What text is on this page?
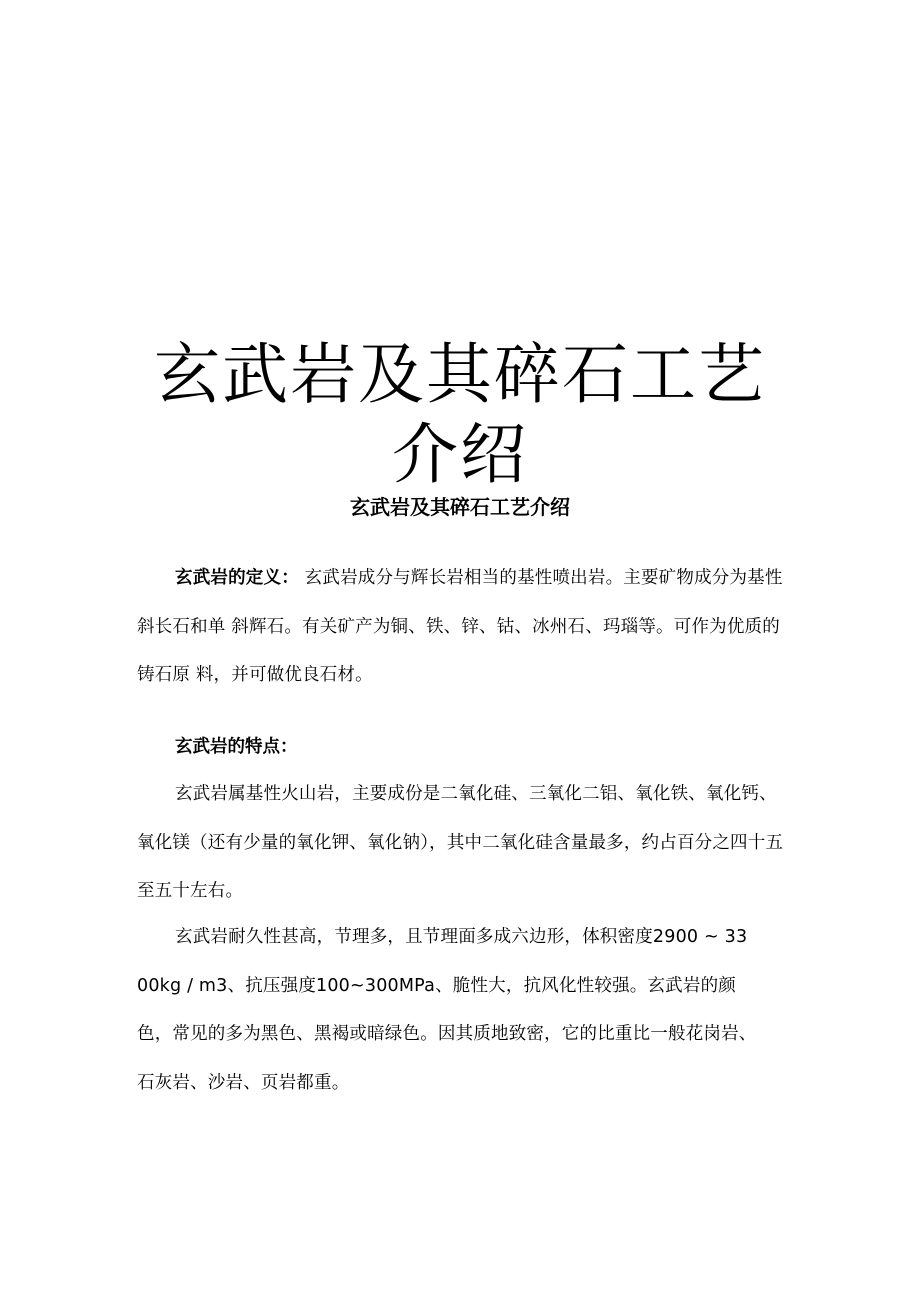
玄武岩及其碎石工艺介绍
玄武岩及其碎石工艺介绍
玄武岩的定义： 玄武岩成分与辉长岩相当的基性喷出岩。主要矿物成分为基性斜长石和单 斜辉石。有关矿产为铜、铁、锌、钴、冰州石、玛瑙等。可作为优质的铸石原 料，并可做优良石材。
玄武岩的特点：
玄武岩属基性火山岩，主要成份是二氧化硅、三氧化二铝、氧化铁、氧化钙、氧化镁（还有少量的氧化钾、氧化钠），其中二氧化硅含量最多，约占百分之四十五至五十左右。
玄武岩耐久性甚高，节理多，且节理面多成六边形，体积密度2900 ~ 3300kg / m3、抗压强度100~300MPa、脆性大，抗风化性较强。玄武岩的颜色，常见的多为黑色、黑褐或暗绿色。因其质地致密，它的比重比一般花岗岩、石灰岩、沙岩、页岩都重。
